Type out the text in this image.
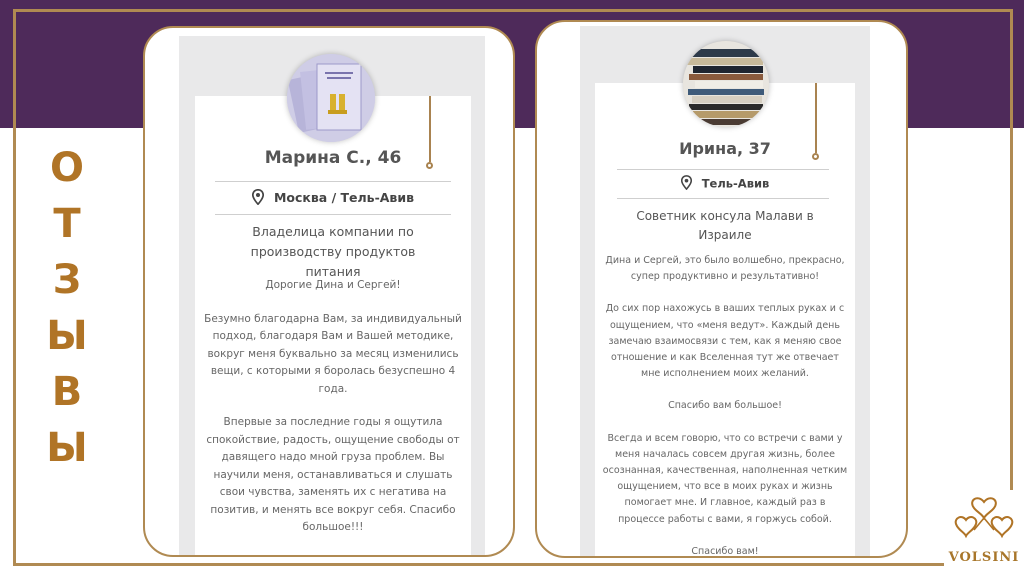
О
Т
З
Ы
В
Ы
Марина С., 46
Москва / Тель-Авив
Владелица компании по производству продуктов питания

Дорогие Дина и Сергей!

Безумно благодарна Вам, за индивидуальный подход, благодаря Вам и Вашей методике, вокруг меня буквально за месяц изменились вещи, с которыми я боролась безуспешно 4 года.

Впервые за последние годы я ощутила спокойствие, радость, ощущение свободы от давящего надо мной груза проблем. Вы научили меня, останавливаться и слушать свои чувства, заменять их с негатива на позитив, и менять все вокруг себя. Спасибо большое!!!

Ирина, 37
Тель-Авив
Советник консула Малави в Израиле

Дина и Сергей, это было волшебно, прекрасно, супер продуктивно и результативно!

До сих пор нахожусь в ваших теплых руках и с ощущением, что «меня ведут». Каждый день замечаю взаимосвязи с тем, как я меняю свое отношение и как Вселенная тут же отвечает мне исполнением моих желаний.

Спасибо вам большое!

Всегда и всем говорю, что со встречи с вами у меня началась совсем другая жизнь, более осознанная, качественная, наполненная четким ощущением, что все в моих руках и жизнь помогает мне. И главное, каждый раз в процессе работы с вами, я горжусь собой.

Спасибо вам!	VOLSINI
